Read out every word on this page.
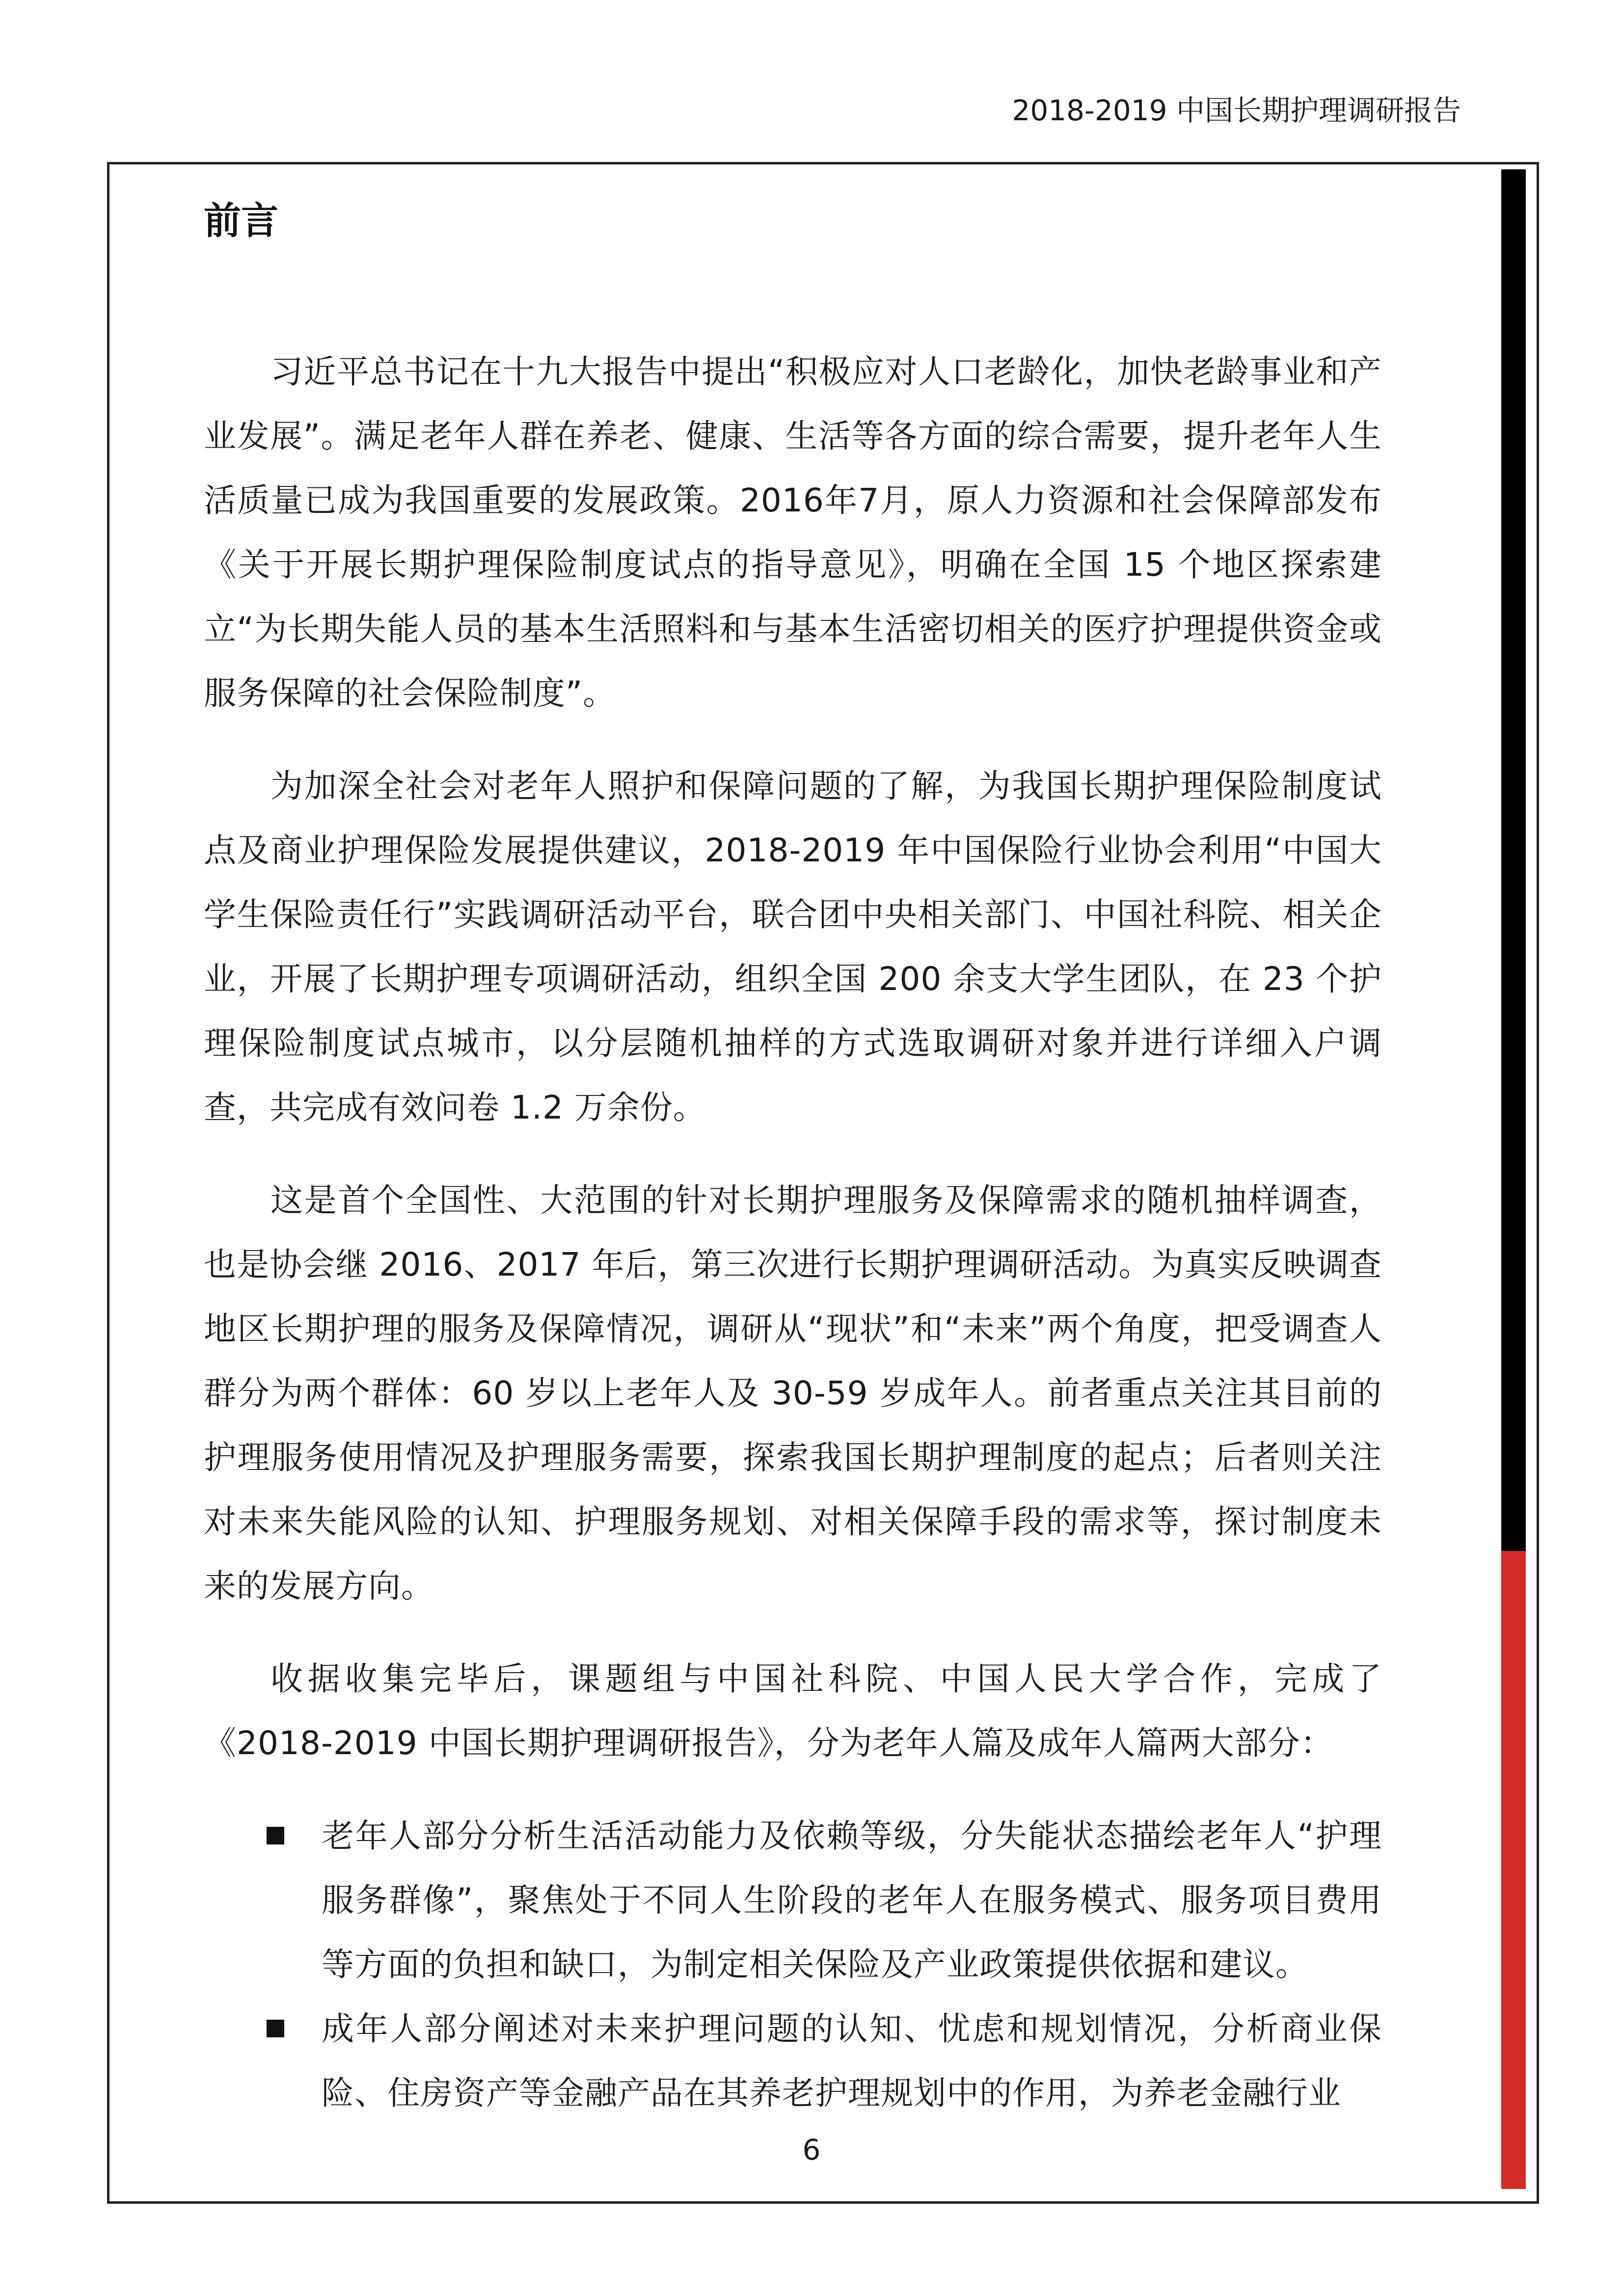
2018-2019 中国长期护理调研报告
前言

习近平总书记在十九大报告中提出“积极应对人口老龄化，加快老龄事业和产业发展”。满足老年人群在养老、健康、生活等各方面的综合需要，提升老年人生活质量已成为我国重要的发展政策。2016年7月，原人力资源和社会保障部发布《关于开展长期护理保险制度试点的指导意见》，明确在全国 15 个地区探索建立“为长期失能人员的基本生活照料和与基本生活密切相关的医疗护理提供资金或服务保障的社会保险制度”。

为加深全社会对老年人照护和保障问题的了解，为我国长期护理保险制度试点及商业护理保险发展提供建议，2018-2019 年中国保险行业协会利用“中国大学生保险责任行”实践调研活动平台，联合团中央相关部门、中国社科院、相关企业，开展了长期护理专项调研活动，组织全国 200 余支大学生团队，在 23 个护理保险制度试点城市，以分层随机抽样的方式选取调研对象并进行详细入户调查，共完成有效问卷 1.2 万余份。

这是首个全国性、大范围的针对长期护理服务及保障需求的随机抽样调查，也是协会继 2016、2017 年后，第三次进行长期护理调研活动。为真实反映调查地区长期护理的服务及保障情况，调研从“现状”和“未来”两个角度，把受调查人群分为两个群体：60 岁以上老年人及 30-59 岁成年人。前者重点关注其目前的护理服务使用情况及护理服务需要，探索我国长期护理制度的起点；后者则关注对未来失能风险的认知、护理服务规划、对相关保障手段的需求等，探讨制度未来的发展方向。

收据收集完毕后，课题组与中国社科院、中国人民大学合作，完成了《2018-2019 中国长期护理调研报告》，分为老年人篇及成年人篇两大部分：

老年人部分分析生活活动能力及依赖等级，分失能状态描绘老年人“护理服务群像”，聚焦处于不同人生阶段的老年人在服务模式、服务项目费用等方面的负担和缺口，为制定相关保险及产业政策提供依据和建议。
成年人部分阐述对未来护理问题的认知、忧虑和规划情况，分析商业保险、住房资产等金融产品在其养老护理规划中的作用，为养老金融行业
6
